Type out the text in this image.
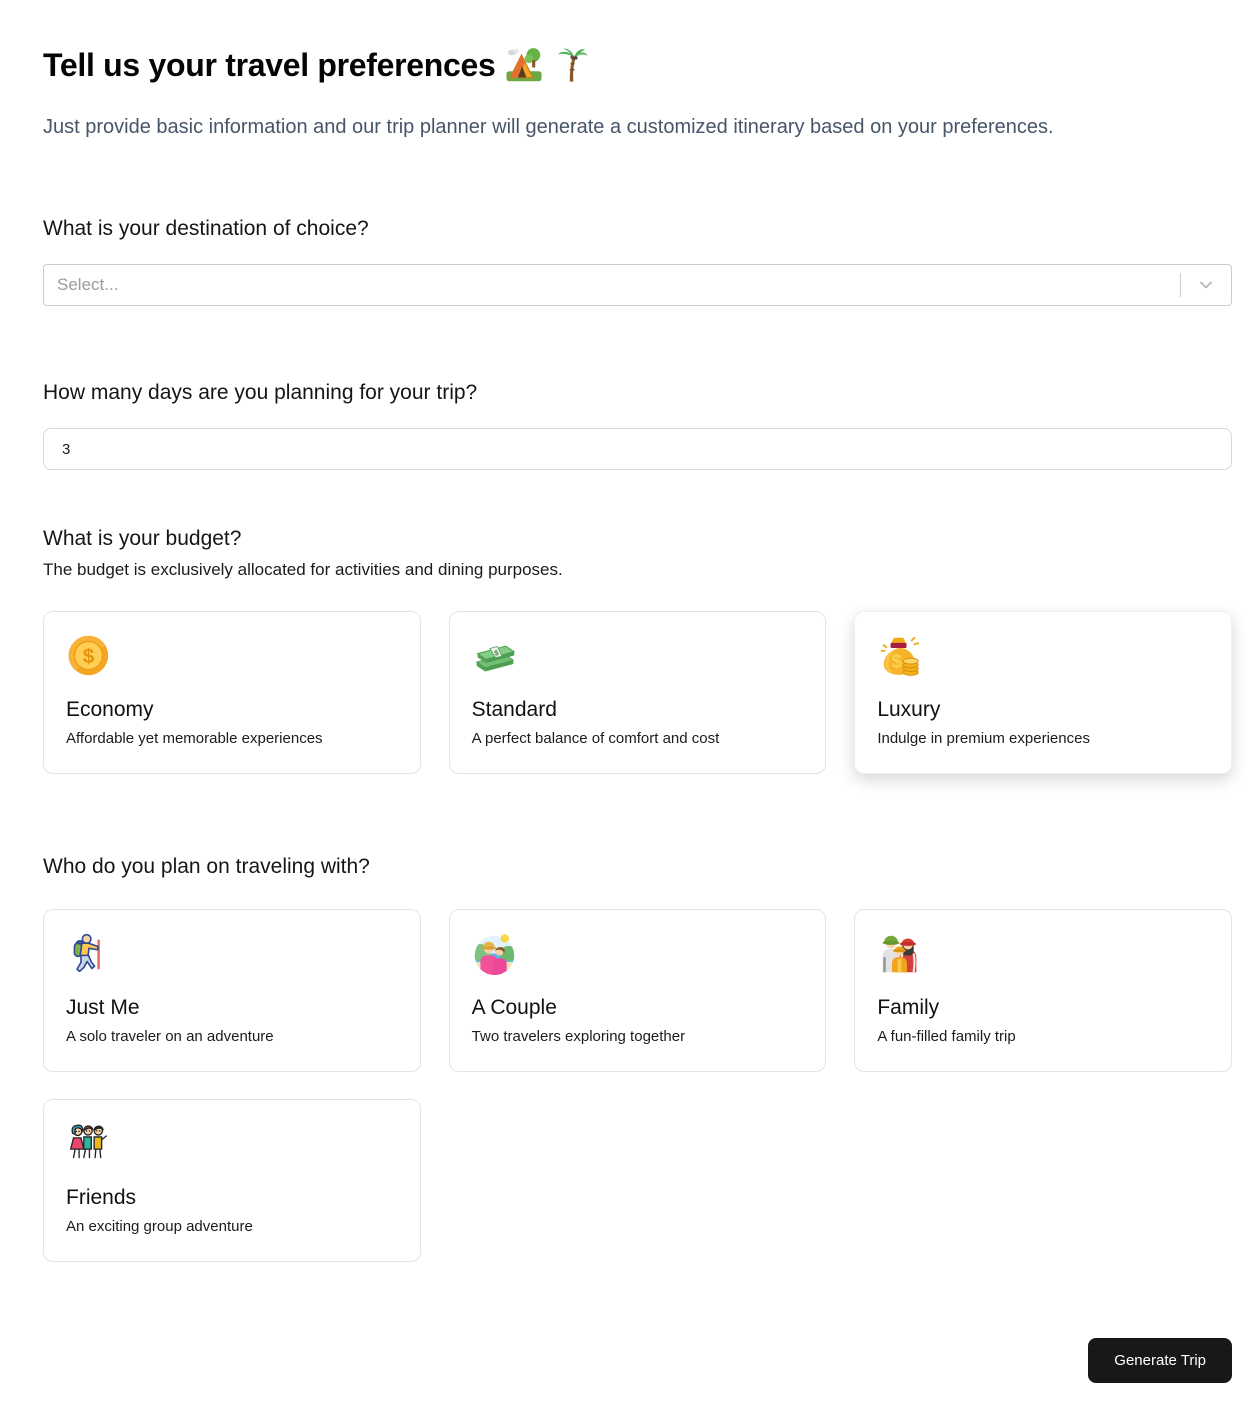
Tell us your travel preferences

Just provide basic information and our trip planner will generate a customized itinerary based on your preferences.

What is your destination of choice?
Select...
How many days are you planning for your trip?
3
What is your budget?

The budget is exclusively allocated for activities and dining purposes.

$
Economy

Affordable yet memorable experiences

$
Standard

A perfect balance of comfort and cost

$
Luxury

Indulge in premium experiences

Who do you plan on traveling with?
Just Me

A solo traveler on an adventure

A Couple

Two travelers exploring together

Family

A fun-filled family trip

Friends

An exciting group adventure

Generate Trip
